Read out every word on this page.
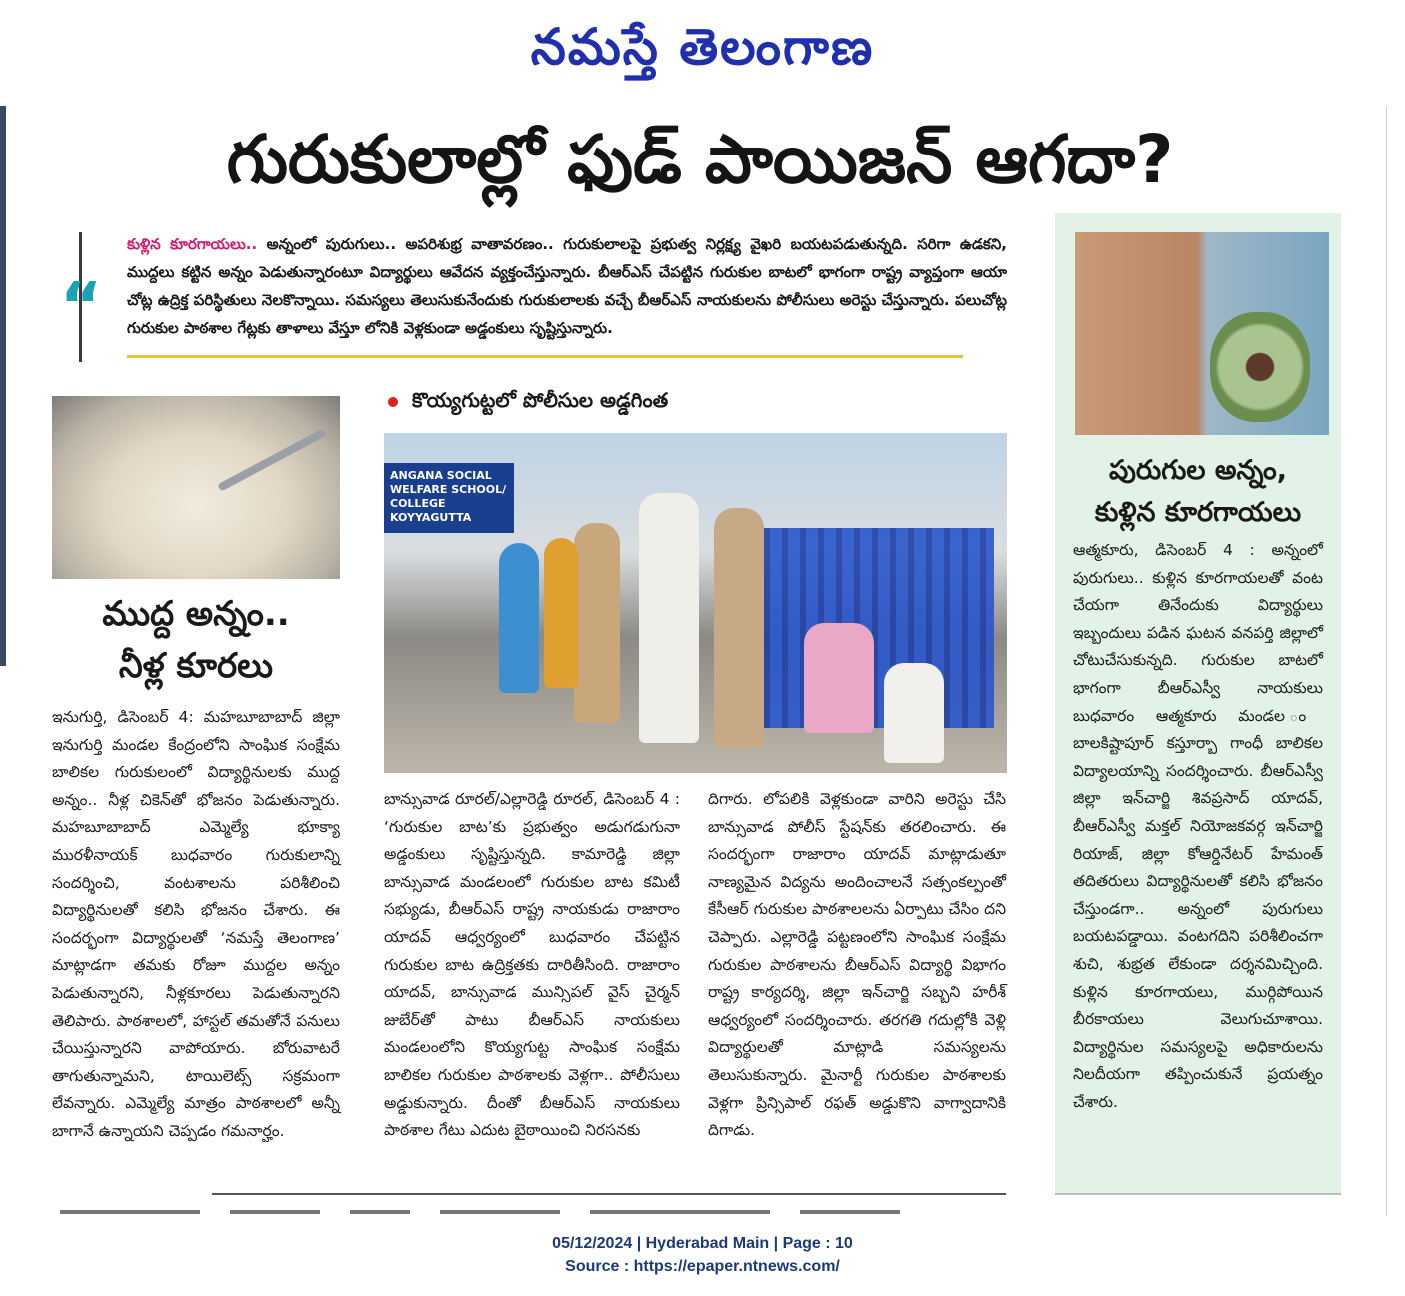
నమస్తే తెలంగాణ
గురుకులాల్లో ఫుడ్ పాయిజన్ ఆగదా?
“
కుళ్లిన కూరగాయలు.. అన్నంలో పురుగులు.. అపరిశుభ్ర వాతావరణం.. గురుకులాలపై ప్రభుత్వ నిర్లక్ష్య వైఖరి బయటపడుతున్నది. సరిగా ఉడకని, ముద్దలు కట్టిన అన్నం పెడుతున్నారంటూ విద్యార్థులు ఆవేదన వ్యక్తంచేస్తున్నారు. బీఆర్‌ఎస్ చేపట్టిన గురుకుల బాటలో భాగంగా రాష్ట్ర వ్యాప్తంగా ఆయా చోట్ల ఉద్రిక్త పరిస్థితులు నెలకొన్నాయి. సమస్యలు తెలుసుకునేందుకు గురుకులాలకు వచ్చే బీఆర్‌ఎస్ నాయకులను పోలీసులు అరెస్టు చేస్తున్నారు. పలుచోట్ల గురుకుల పాఠశాల గేట్లకు తాళాలు వేస్తూ లోనికి వెళ్లకుండా అడ్డంకులు సృష్టిస్తున్నారు.
ముద్ద అన్నం..
నీళ్ల కూరలు
ఇనుగుర్తి, డిసెంబర్ 4: మహబూబాబాద్ జిల్లా ఇనుగుర్తి మండల కేంద్రంలోని సాంఘిక సంక్షేమ బాలికల గురుకులంలో విద్యార్థినులకు ముద్ద అన్నం.. నీళ్ల చికెన్‌తో భోజనం పెడుతున్నారు. మహబూబాబాద్ ఎమ్మెల్యే భూక్యా మురళీనాయక్ బుధవారం గురుకులాన్ని సందర్శించి, వంటశాలను పరిశీలించి విద్యార్థినులతో కలిసి భోజనం చేశారు. ఈ సందర్భంగా విద్యార్థులతో ‘నమస్తే తెలంగాణ’ మాట్లాడగా తమకు రోజూ ముద్దల అన్నం పెడుతున్నారని, నీళ్లకూరలు పెడుతున్నారని తెలిపారు. పాఠశాలలో, హాస్టల్ తమతోనే పనులు చేయిస్తున్నారని వాపోయారు. బోరువాటరే తాగుతున్నామని, టాయిలెట్స్ సక్రమంగా లేవన్నారు. ఎమ్మెల్యే మాత్రం పాఠశాలలో అన్నీ బాగానే ఉన్నాయని చెప్పడం గమనార్హం.
కొయ్యగుట్టలో పోలీసుల అడ్డగింత
ANGANA SOCIAL WELFARE SCHOOL/ COLLEGE KOYYAGUTTA
బాన్సువాడ రూరల్/ఎల్లారెడ్డి రూరల్, డిసెంబర్ 4 : ‘గురుకుల బాట’కు ప్రభుత్వం అడుగడుగునా అడ్డంకులు సృష్టిస్తున్నది. కామారెడ్డి జిల్లా బాన్సువాడ మండలంలో గురుకుల బాట కమిటీ సభ్యుడు, బీఆర్‌ఎస్ రాష్ట్ర నాయకుడు రాజారాం యాదవ్ ఆధ్వర్యంలో బుధవారం చేపట్టిన గురుకుల బాట ఉద్రిక్తతకు దారితీసింది. రాజారాం యాదవ్, బాన్సువాడ మున్సిపల్ వైస్ చైర్మన్ జుబేర్‌తో పాటు బీఆర్‌ఎస్ నాయకులు మండలంలోని కొయ్యగుట్ట సాంఘిక సంక్షేమ బాలికల గురుకుల పాఠశాలకు వెళ్లగా.. పోలీసులు అడ్డుకున్నారు. దీంతో బీఆర్‌ఎస్ నాయకులు పాఠశాల గేటు ఎదుట బైఠాయించి నిరసనకు
దిగారు. లోపలికి వెళ్లకుండా వారిని అరెస్టు చేసి బాన్సువాడ పోలీస్ స్టేషన్‌కు తరలించారు. ఈ సందర్భంగా రాజారాం యాదవ్ మాట్లాడుతూ నాణ్యమైన విద్యను అందించాలనే సత్సంకల్పంతో కేసీఆర్ గురుకుల పాఠశాలలను ఏర్పాటు చేసిం దని చెప్పారు. ఎల్లారెడ్డి పట్టణంలోని సాంఘిక సంక్షేమ గురుకుల పాఠశాలను బీఆర్‌ఎస్ విద్యార్థి విభాగం రాష్ట్ర కార్యదర్శి, జిల్లా ఇన్‌చార్జి సబ్బని హరీశ్ ఆధ్వర్యంలో సందర్శించారు. తరగతి గదుల్లోకి వెళ్లి విద్యార్థులతో మాట్లాడి సమస్యలను తెలుసుకున్నారు. మైనార్టీ గురుకుల పాఠశాలకు వెళ్లగా ప్రిన్సిపాల్ రఫత్ అడ్డుకొని వాగ్వాదానికి దిగాడు.
పురుగుల అన్నం,
కుళ్లిన కూరగాయలు
ఆత్మకూరు, డిసెంబర్ 4 : అన్నంలో పురుగులు.. కుళ్లిన కూరగాయలతో వంట చేయగా తినేందుకు విద్యార్థులు ఇబ్బందులు పడిన ఘటన వనపర్తి జిల్లాలో చోటుచేసుకున్నది. గురుకుల బాటలో భాగంగా బీఆర్‌ఎస్వీ నాయకులు బుధవారం ఆత్మకూరు మండల ం బాలకిష్టాపూర్ కస్తూర్బా గాంధీ బాలికల విద్యాలయాన్ని సందర్శించారు. బీఆర్‌ఎస్వీ జిల్లా ఇన్‌చార్జి శివప్రసాద్ యాదవ్, బీఆర్‌ఎస్వీ మక్తల్ నియోజకవర్గ ఇన్‌చార్జి రియాజ్, జిల్లా కోఆర్డినేటర్ హేమంత్ తదితరులు విద్యార్థినులతో కలిసి భోజనం చేస్తుండగా.. అన్నంలో పురుగులు బయటపడ్డాయి. వంటగదిని పరిశీలించగా శుచి, శుభ్రత లేకుండా దర్శనమిచ్చింది. కుళ్లిన కూరగాయలు, ముర్గిపోయిన బీరకాయలు వెలుగుచూశాయి. విద్యార్థినుల సమస్యలపై అధికారులను నిలదీయగా తప్పించుకునే ప్రయత్నం చేశారు.
05/12/2024 | Hyderabad Main | Page : 10
Source : https://epaper.ntnews.com/
